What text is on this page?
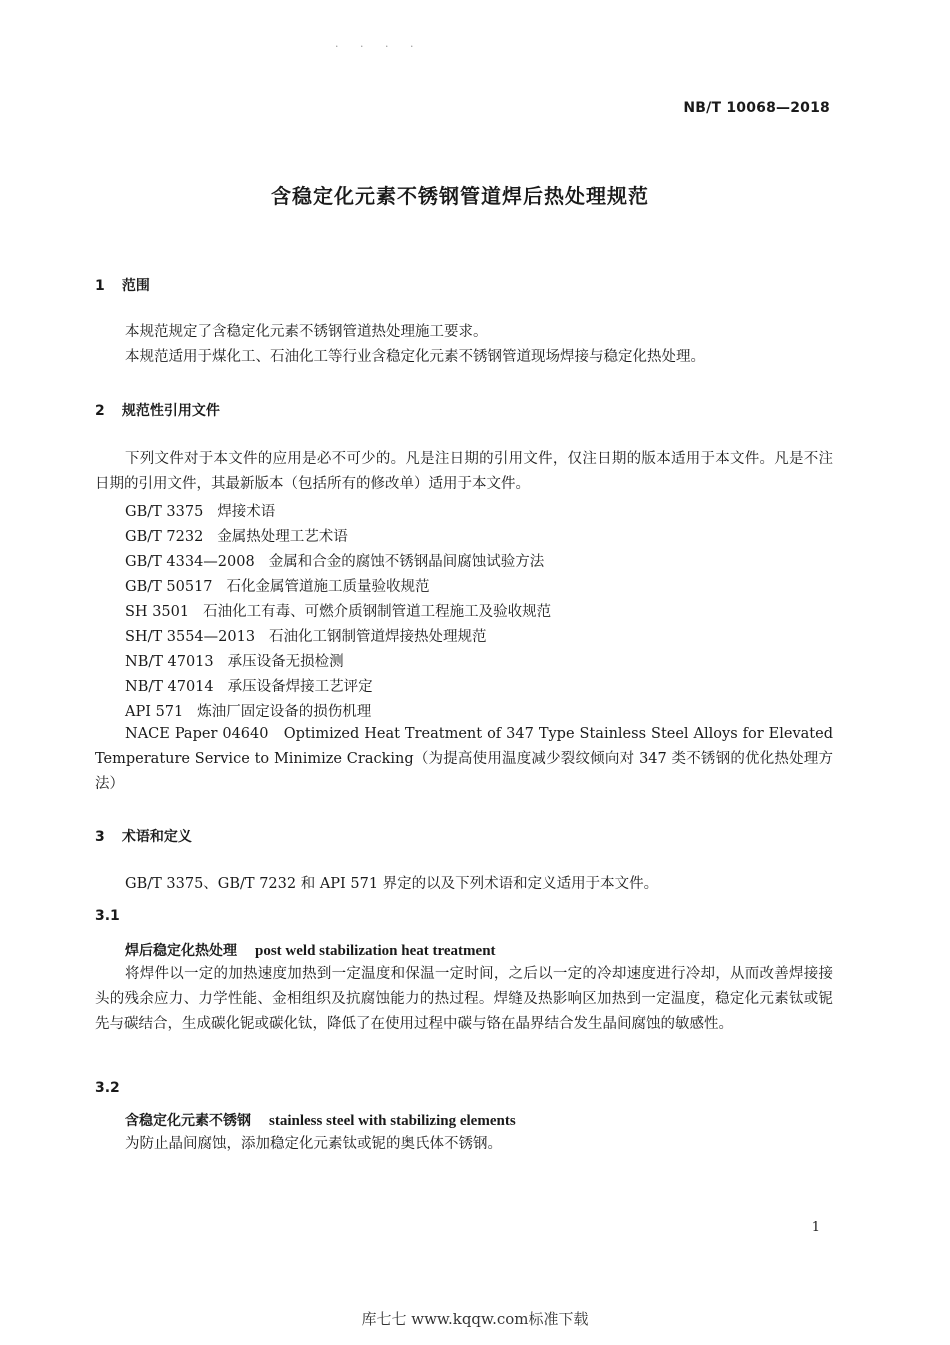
· · · ·
NB/T 10068—2018
含稳定化元素不锈钢管道焊后热处理规范
1 范围
本规范规定了含稳定化元素不锈钢管道热处理施工要求。
本规范适用于煤化工、石油化工等行业含稳定化元素不锈钢管道现场焊接与稳定化热处理。
2 规范性引用文件
下列文件对于本文件的应用是必不可少的。凡是注日期的引用文件，仅注日期的版本适用于本文件。凡是不注日期的引用文件，其最新版本（包括所有的修改单）适用于本文件。
GB/T 3375 焊接术语
GB/T 7232 金属热处理工艺术语
GB/T 4334—2008 金属和合金的腐蚀不锈钢晶间腐蚀试验方法
GB/T 50517 石化金属管道施工质量验收规范
SH 3501 石油化工有毒、可燃介质钢制管道工程施工及验收规范
SH/T 3554—2013 石油化工钢制管道焊接热处理规范
NB/T 47013 承压设备无损检测
NB/T 47014 承压设备焊接工艺评定
API 571 炼油厂固定设备的损伤机理
NACE Paper 04640　Optimized Heat Treatment of 347 Type Stainless Steel Alloys for Elevated Temperature Service to Minimize Cracking（为提高使用温度减少裂纹倾向对 347 类不锈钢的优化热处理方法）
3 术语和定义
GB/T 3375、GB/T 7232 和 API 571 界定的以及下列术语和定义适用于本文件。
3.1
焊后稳定化热处理 post weld stabilization heat treatment
将焊件以一定的加热速度加热到一定温度和保温一定时间，之后以一定的冷却速度进行冷却，从而改善焊接接头的残余应力、力学性能、金相组织及抗腐蚀能力的热过程。焊缝及热影响区加热到一定温度，稳定化元素钛或铌先与碳结合，生成碳化铌或碳化钛，降低了在使用过程中碳与铬在晶界结合发生晶间腐蚀的敏感性。
3.2
含稳定化元素不锈钢 stainless steel with stabilizing elements
为防止晶间腐蚀，添加稳定化元素钛或铌的奥氏体不锈钢。
1
库七七 www.kqqw.com标准下载
